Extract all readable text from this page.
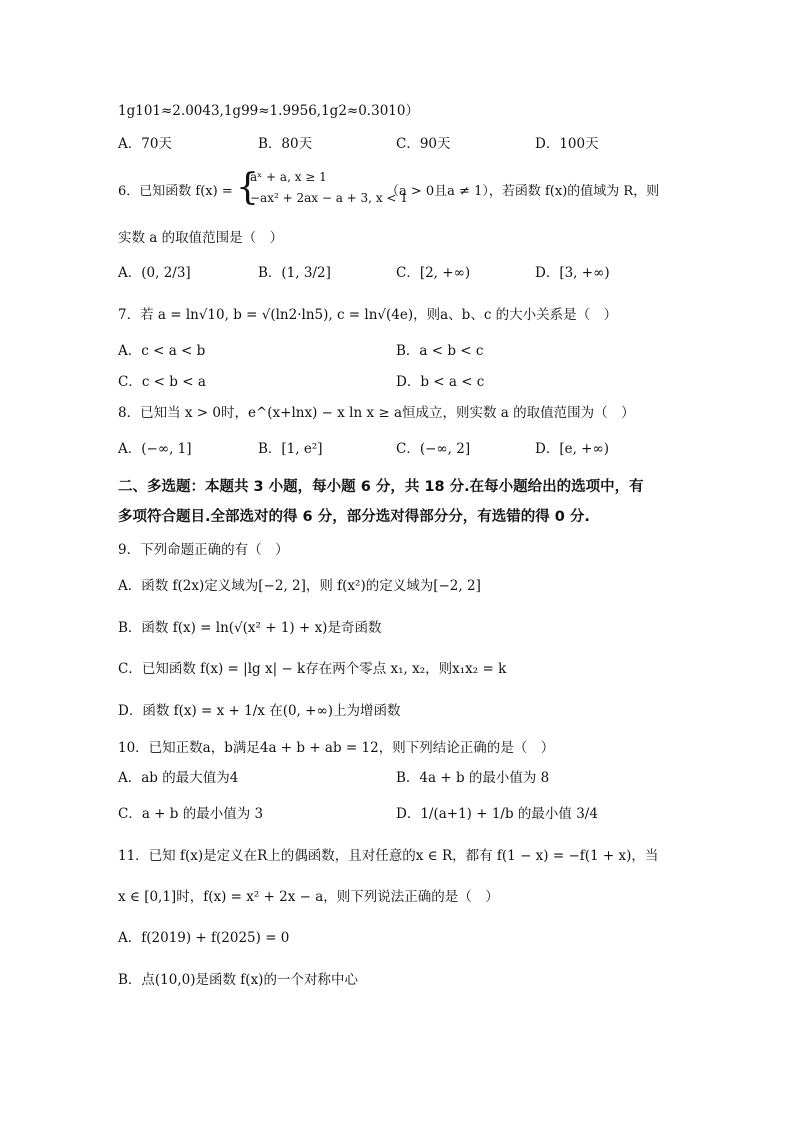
1g101≈2.0043,1g99≈1.9956,1g2≈0.3010）
A．70天	B．80天	C．90天	D．100天
6．已知函数 f(x) = {
aˣ + a, x ≥ 1
−ax² + 2ax − a + 3, x < 1
（a > 0且a ≠ 1），若函数 f(x)的值域为 R，则
实数 a 的取值范围是（　）
A．(0, 2/3]	B．(1, 3/2]	C．[2, +∞)	D．[3, +∞)
7．若 a = ln√10, b = √(ln2·ln5), c = ln√(4e)，则a、b、c 的大小关系是（　）
A．c < a < b	B．a < b < c
C．c < b < a	D．b < a < c
8．已知当 x > 0时，e^(x+lnx) − x ln x ≥ a恒成立，则实数 a 的取值范围为（　）
A．(−∞, 1]	B．[1, e²]	C．(−∞, 2]	D．[e, +∞)
二、多选题：本题共 3 小题，每小题 6 分，共 18 分.在每小题给出的选项中，有
多项符合题目.全部选对的得 6 分，部分选对得部分分，有选错的得 0 分.
9．下列命题正确的有（　）
A．函数 f(2x)定义域为[−2, 2]，则 f(x²)的定义域为[−2, 2]
B．函数 f(x) = ln(√(x² + 1) + x)是奇函数
C．已知函数 f(x) = |lg x| − k存在两个零点 x₁, x₂，则x₁x₂ = k
D．函数 f(x) = x + 1/x 在(0, +∞)上为增函数
10．已知正数a，b满足4a + b + ab = 12，则下列结论正确的是（　）
A．ab 的最大值为4	B．4a + b 的最小值为 8
C．a + b 的最小值为 3	D．1/(a+1) + 1/b 的最小值 3/4
11．已知 f(x)是定义在R上的偶函数，且对任意的x ∈ R，都有 f(1 − x) = −f(1 + x)，当
x ∈ [0,1]时，f(x) = x² + 2x − a，则下列说法正确的是（　）
A．f(2019) + f(2025) = 0
B．点(10,0)是函数 f(x)的一个对称中心
